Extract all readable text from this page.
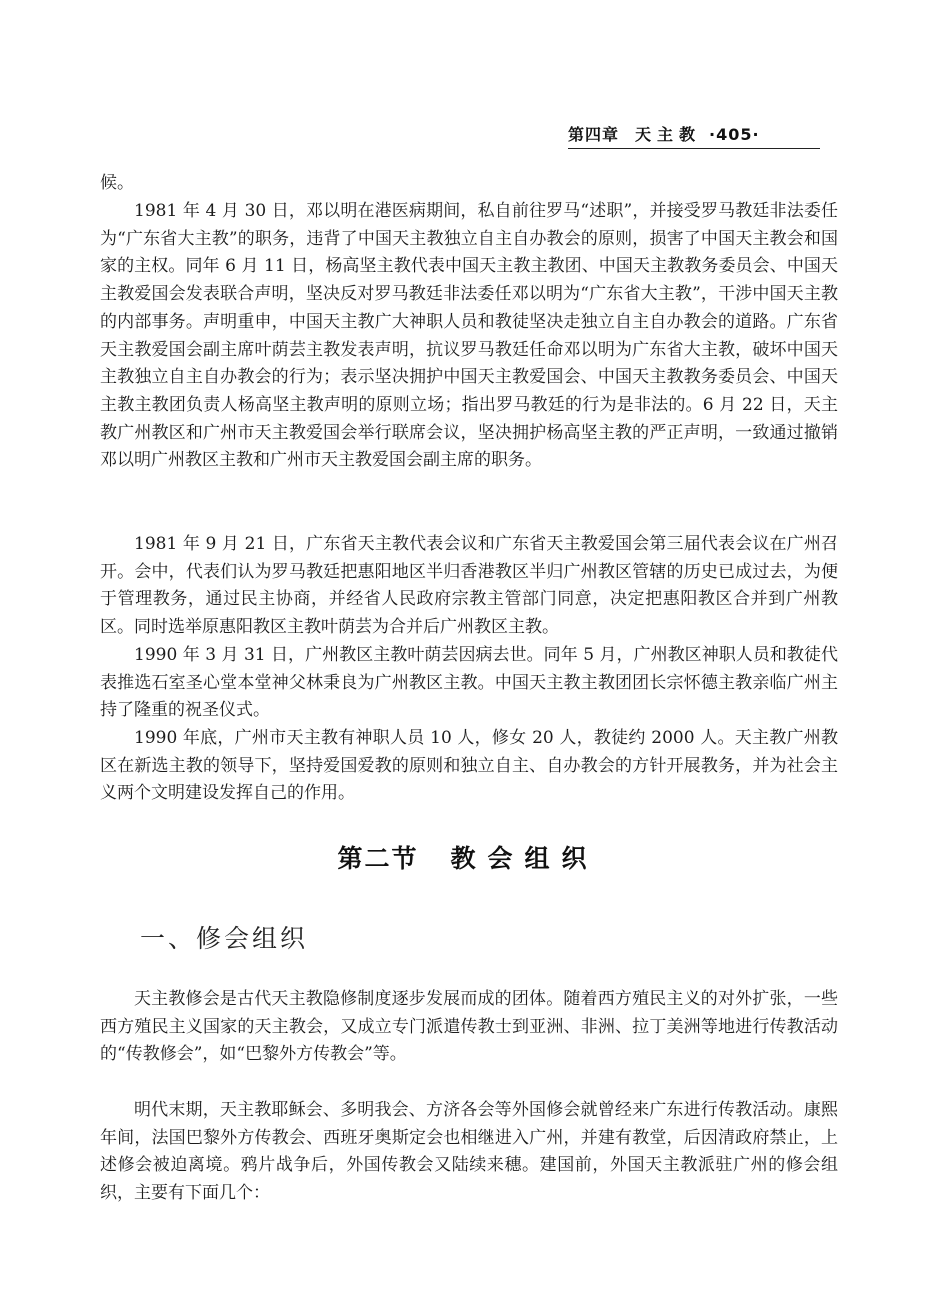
第四章 天主教 ·405·

候。

1981 年 4 月 30 日，邓以明在港医病期间，私自前往罗马“述职”，并接受罗马教廷非法委任为“广东省大主教”的职务，违背了中国天主教独立自主自办教会的原则，损害了中国天主教会和国家的主权。同年 6 月 11 日，杨高坚主教代表中国天主教主教团、中国天主教教务委员会、中国天主教爱国会发表联合声明，坚决反对罗马教廷非法委任邓以明为“广东省大主教”，干涉中国天主教的内部事务。声明重申，中国天主教广大神职人员和教徒坚决走独立自主自办教会的道路。广东省天主教爱国会副主席叶荫芸主教发表声明，抗议罗马教廷任命邓以明为广东省大主教，破坏中国天主教独立自主自办教会的行为；表示坚决拥护中国天主教爱国会、中国天主教教务委员会、中国天主教主教团负责人杨高坚主教声明的原则立场；指出罗马教廷的行为是非法的。6 月 22 日，天主教广州教区和广州市天主教爱国会举行联席会议，坚决拥护杨高坚主教的严正声明，一致通过撤销邓以明广州教区主教和广州市天主教爱国会副主席的职务。

1981 年 9 月 21 日，广东省天主教代表会议和广东省天主教爱国会第三届代表会议在广州召开。会中，代表们认为罗马教廷把惠阳地区半归香港教区半归广州教区管辖的历史已成过去，为便于管理教务，通过民主协商，并经省人民政府宗教主管部门同意，决定把惠阳教区合并到广州教区。同时选举原惠阳教区主教叶荫芸为合并后广州教区主教。

1990 年 3 月 31 日，广州教区主教叶荫芸因病去世。同年 5 月，广州教区神职人员和教徒代表推选石室圣心堂本堂神父林秉良为广州教区主教。中国天主教主教团团长宗怀德主教亲临广州主持了隆重的祝圣仪式。

1990 年底，广州市天主教有神职人员 10 人，修女 20 人，教徒约 2000 人。天主教广州教区在新选主教的领导下，坚持爱国爱教的原则和独立自主、自办教会的方针开展教务，并为社会主义两个文明建设发挥自己的作用。

第二节 教会组织
一、修会组织

天主教修会是古代天主教隐修制度逐步发展而成的团体。随着西方殖民主义的对外扩张，一些西方殖民主义国家的天主教会，又成立专门派遣传教士到亚洲、非洲、拉丁美洲等地进行传教活动的“传教修会”，如“巴黎外方传教会”等。

明代末期，天主教耶稣会、多明我会、方济各会等外国修会就曾经来广东进行传教活动。康熙年间，法国巴黎外方传教会、西班牙奥斯定会也相继进入广州，并建有教堂，后因清政府禁止，上述修会被迫离境。鸦片战争后，外国传教会又陆续来穗。建国前，外国天主教派驻广州的修会组织，主要有下面几个：
